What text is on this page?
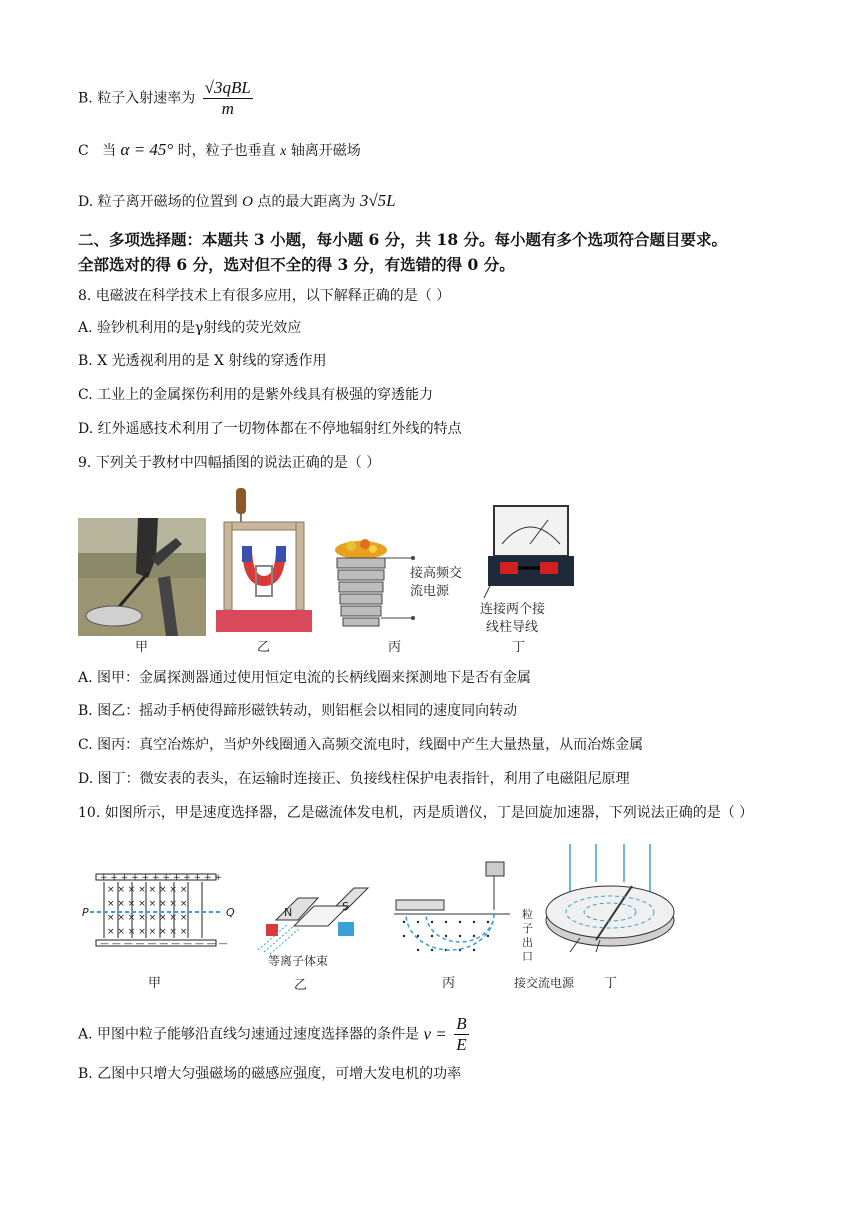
B. 粒子入射速率为 $\frac{\text{√3qBL}}{m}$
C 当 α = 45° 时，粒子也垂直 x 轴离开磁场
D. 粒子离开磁场的位置到 O 点的最大距离为 3√5L
二、多项选择题：本题共 3 小题，每小题 6 分，共 18 分。每小题有多个选项符合题目要求。
全部选对的得 6 分，选对但不全的得 3 分，有选错的得 0 分。
8. 电磁波在科学技术上有很多应用，以下解释正确的是（ ）
A. 验钞机利用的是γ射线的荧光效应
B. X 光透视利用的是 X 射线的穿透作用
C. 工业上的金属探伤利用的是紫外线具有极强的穿透能力
D. 红外遥感技术利用了一切物体都在不停地辐射红外线的特点
9. 下列关于教材中四幅插图的说法正确的是（ ）
甲	乙
接高频交
流电源
丙
连接两个接
线柱导线
丁
A. 图甲：金属探测器通过使用恒定电流的长柄线圈来探测地下是否有金属
B. 图乙：摇动手柄使得蹄形磁铁转动，则铝框会以相同的速度同向转动
C. 图丙：真空冶炼炉，当炉外线圈通入高频交流电时，线圈中产生大量热量，从而冶炼金属
D. 图丁：微安表的表头，在运输时连接正、负接线柱保护电表指针，利用了电磁阻尼原理
10. 如图所示，甲是速度选择器，乙是磁流体发电机，丙是质谱仪，丁是回旋加速器，下列说法正确的是（ ）
+ + + + + + + + + + + +
— — — — — — — — — — —
× × × × × × × ×
× × × × × × × ×
× × × × × × × ×
× × × × × × × ×
P	Q
甲
N	S
等离子体束
乙
粒
子
出
口
丙	接交流电源 丁
A. 甲图中粒子能够沿直线匀速通过速度选择器的条件是 $v = \frac{B}{E}$
B. 乙图中只增大匀强磁场的磁感应强度，可增大发电机的功率
